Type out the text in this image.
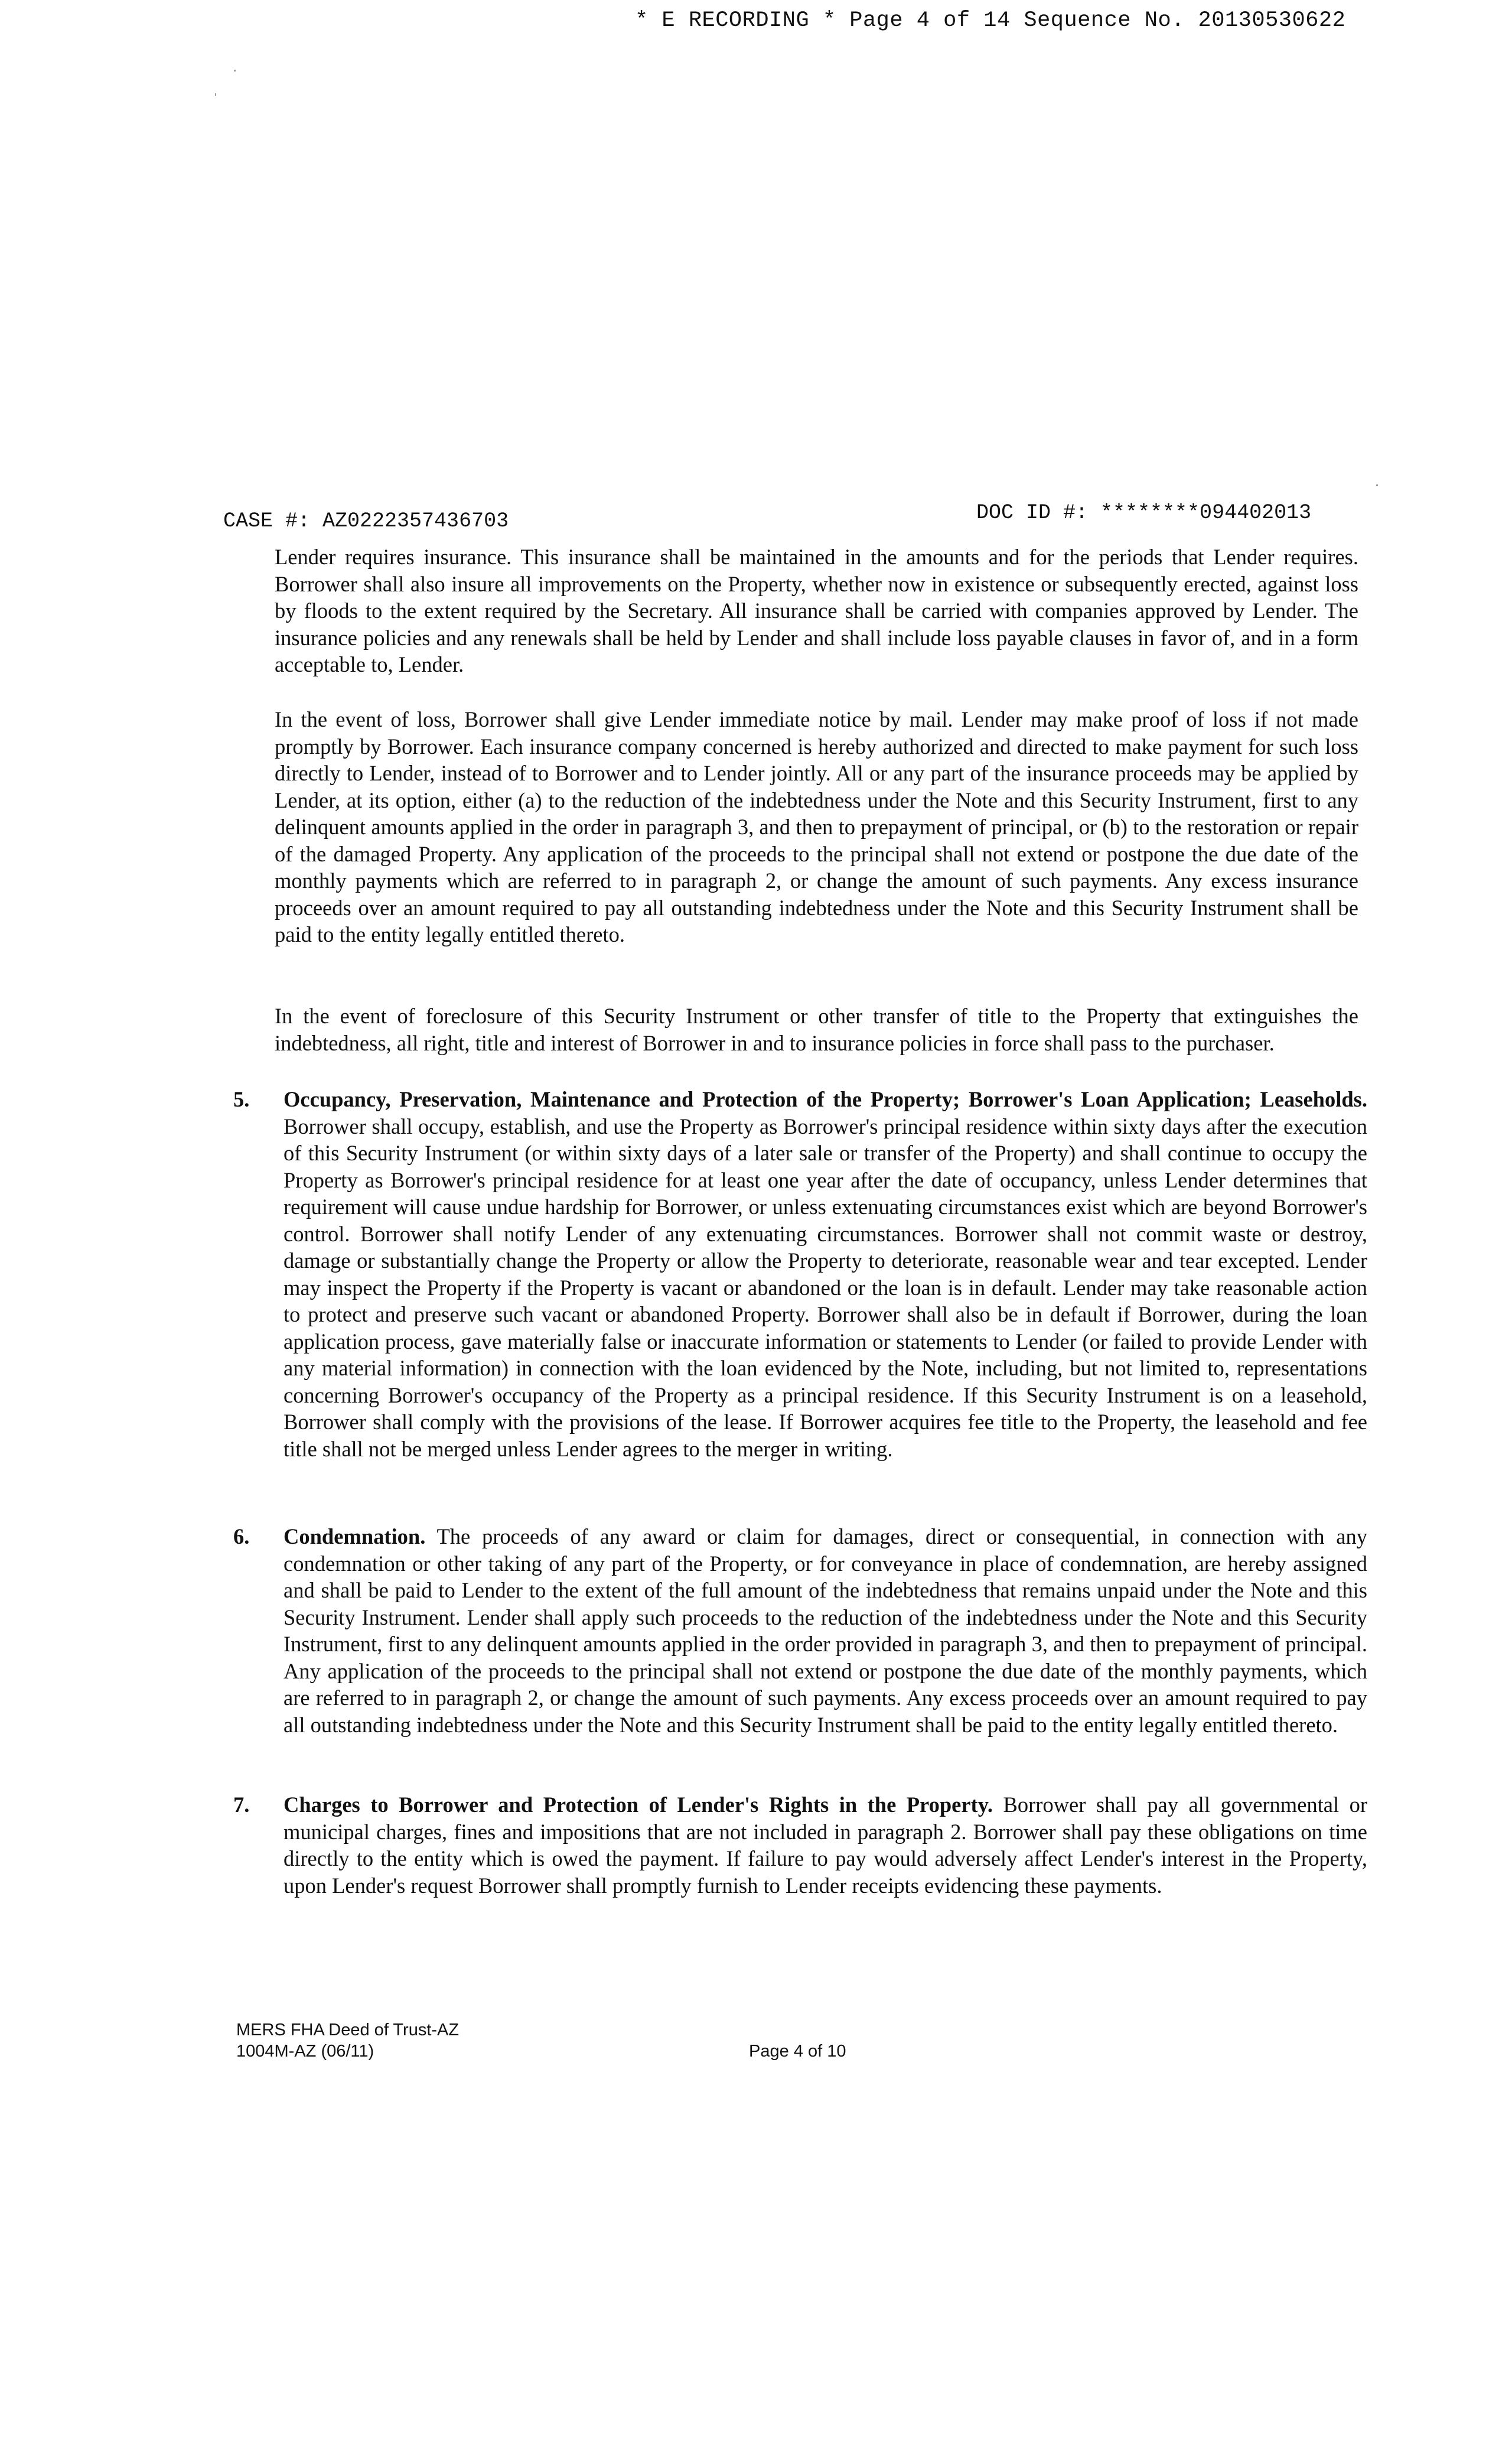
* E RECORDING * Page 4 of 14 Sequence No. 20130530622
CASE #: AZ0222357436703	DOC ID #: ********094402013

Lender requires insurance. This insurance shall be maintained in the amounts and for the periods that Lender requires. Borrower shall also insure all improvements on the Property, whether now in existence or subsequently erected, against loss by floods to the extent required by the Secretary. All insurance shall be carried with companies approved by Lender. The insurance policies and any renewals shall be held by Lender and shall include loss payable clauses in favor of, and in a form acceptable to, Lender.

In the event of loss, Borrower shall give Lender immediate notice by mail. Lender may make proof of loss if not made promptly by Borrower. Each insurance company concerned is hereby authorized and directed to make payment for such loss directly to Lender, instead of to Borrower and to Lender jointly. All or any part of the insurance proceeds may be applied by Lender, at its option, either (a) to the reduction of the indebtedness under the Note and this Security Instrument, first to any delinquent amounts applied in the order in paragraph 3, and then to prepayment of principal, or (b) to the restoration or repair of the damaged Property. Any application of the proceeds to the principal shall not extend or postpone the due date of the monthly payments which are referred to in paragraph 2, or change the amount of such payments. Any excess insurance proceeds over an amount required to pay all outstanding indebtedness under the Note and this Security Instrument shall be paid to the entity legally entitled thereto.

In the event of foreclosure of this Security Instrument or other transfer of title to the Property that extinguishes the indebtedness, all right, title and interest of Borrower in and to insurance policies in force shall pass to the purchaser.

5. Occupancy, Preservation, Maintenance and Protection of the Property; Borrower's Loan Application; Leaseholds. Borrower shall occupy, establish, and use the Property as Borrower's principal residence within sixty days after the execution of this Security Instrument (or within sixty days of a later sale or transfer of the Property) and shall continue to occupy the Property as Borrower's principal residence for at least one year after the date of occupancy, unless Lender determines that requirement will cause undue hardship for Borrower, or unless extenuating circumstances exist which are beyond Borrower's control. Borrower shall notify Lender of any extenuating circumstances. Borrower shall not commit waste or destroy, damage or substantially change the Property or allow the Property to deteriorate, reasonable wear and tear excepted. Lender may inspect the Property if the Property is vacant or abandoned or the loan is in default. Lender may take reasonable action to protect and preserve such vacant or abandoned Property. Borrower shall also be in default if Borrower, during the loan application process, gave materially false or inaccurate information or statements to Lender (or failed to provide Lender with any material information) in connection with the loan evidenced by the Note, including, but not limited to, representations concerning Borrower's occupancy of the Property as a principal residence. If this Security Instrument is on a leasehold, Borrower shall comply with the provisions of the lease. If Borrower acquires fee title to the Property, the leasehold and fee title shall not be merged unless Lender agrees to the merger in writing.

6. Condemnation. The proceeds of any award or claim for damages, direct or consequential, in connection with any condemnation or other taking of any part of the Property, or for conveyance in place of condemnation, are hereby assigned and shall be paid to Lender to the extent of the full amount of the indebtedness that remains unpaid under the Note and this Security Instrument. Lender shall apply such proceeds to the reduction of the indebtedness under the Note and this Security Instrument, first to any delinquent amounts applied in the order provided in paragraph 3, and then to prepayment of principal. Any application of the proceeds to the principal shall not extend or postpone the due date of the monthly payments, which are referred to in paragraph 2, or change the amount of such payments. Any excess proceeds over an amount required to pay all outstanding indebtedness under the Note and this Security Instrument shall be paid to the entity legally entitled thereto.

7. Charges to Borrower and Protection of Lender's Rights in the Property. Borrower shall pay all governmental or municipal charges, fines and impositions that are not included in paragraph 2. Borrower shall pay these obligations on time directly to the entity which is owed the payment. If failure to pay would adversely affect Lender's interest in the Property, upon Lender's request Borrower shall promptly furnish to Lender receipts evidencing these payments.

MERS FHA Deed of Trust-AZ
1004M-AZ (06/11)	Page 4 of 10
